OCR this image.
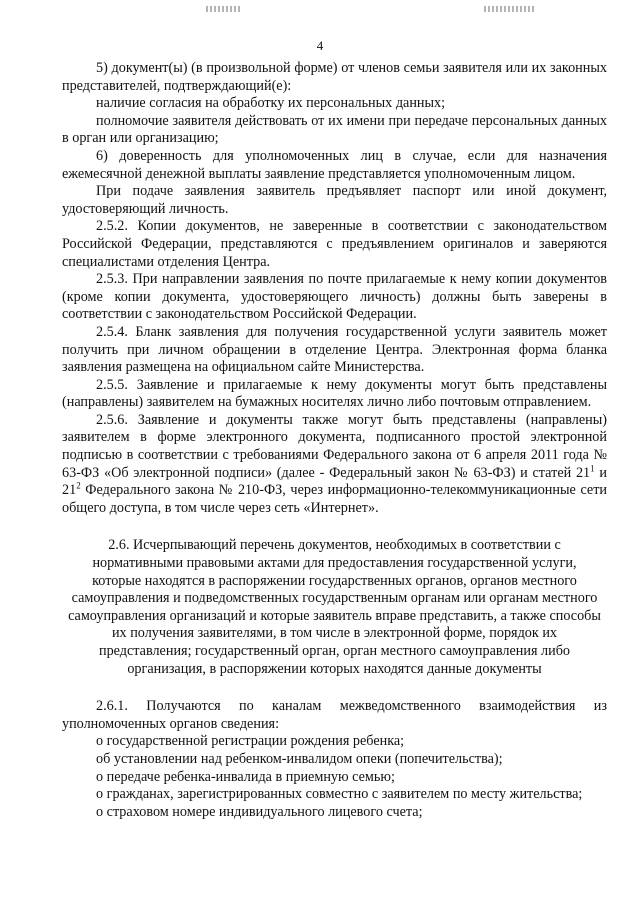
4

5) документ(ы) (в произвольной форме) от членов семьи заявителя или их законных представителей, подтверждающий(е):

наличие согласия на обработку их персональных данных;

полномочие заявителя действовать от их имени при передаче персональных данных в орган или организацию;

6) доверенность для уполномоченных лиц в случае, если для назначения ежемесячной денежной выплаты заявление представляется уполномоченным лицом.

При подаче заявления заявитель предъявляет паспорт или иной документ, удостоверяющий личность.

2.5.2. Копии документов, не заверенные в соответствии с законодательством Российской Федерации, представляются с предъявлением оригиналов и заверяются специалистами отделения Центра.

2.5.3. При направлении заявления по почте прилагаемые к нему копии документов (кроме копии документа, удостоверяющего личность) должны быть заверены в соответствии с законодательством Российской Федерации.

2.5.4. Бланк заявления для получения государственной услуги заявитель может получить при личном обращении в отделение Центра. Электронная форма бланка заявления размещена на официальном сайте Министерства.

2.5.5. Заявление и прилагаемые к нему документы могут быть представлены (направлены) заявителем на бумажных носителях лично либо почтовым отправлением.

2.5.6. Заявление и документы также могут быть представлены (направлены) заявителем в форме электронного документа, подписанного простой электронной подписью в соответствии с требованиями Федерального закона от 6 апреля 2011 года № 63-ФЗ «Об электронной подписи» (далее - Федеральный закон № 63-ФЗ) и статей $21^1$ и $21^2$ Федерального закона № 210-ФЗ, через информационно-телекоммуникационные сети общего доступа, в том числе через сеть «Интернет».

2.6. Исчерпывающий перечень документов, необходимых в соответствии с нормативными правовыми актами для предоставления государственной услуги, которые находятся в распоряжении государственных органов, органов местного самоуправления и подведомственных государственным органам или органам местного самоуправления организаций и которые заявитель вправе представить, а также способы их получения заявителями, в том числе в электронной форме, порядок их представления; государственный орган, орган местного самоуправления либо организация, в распоряжении которых находятся данные документы

2.6.1. Получаются по каналам межведомственного взаимодействия из уполномоченных органов сведения:

о государственной регистрации рождения ребенка;

об установлении над ребенком-инвалидом опеки (попечительства);

о передаче ребенка-инвалида в приемную семью;

о гражданах, зарегистрированных совместно с заявителем по месту жительства;

о страховом номере индивидуального лицевого счета;
